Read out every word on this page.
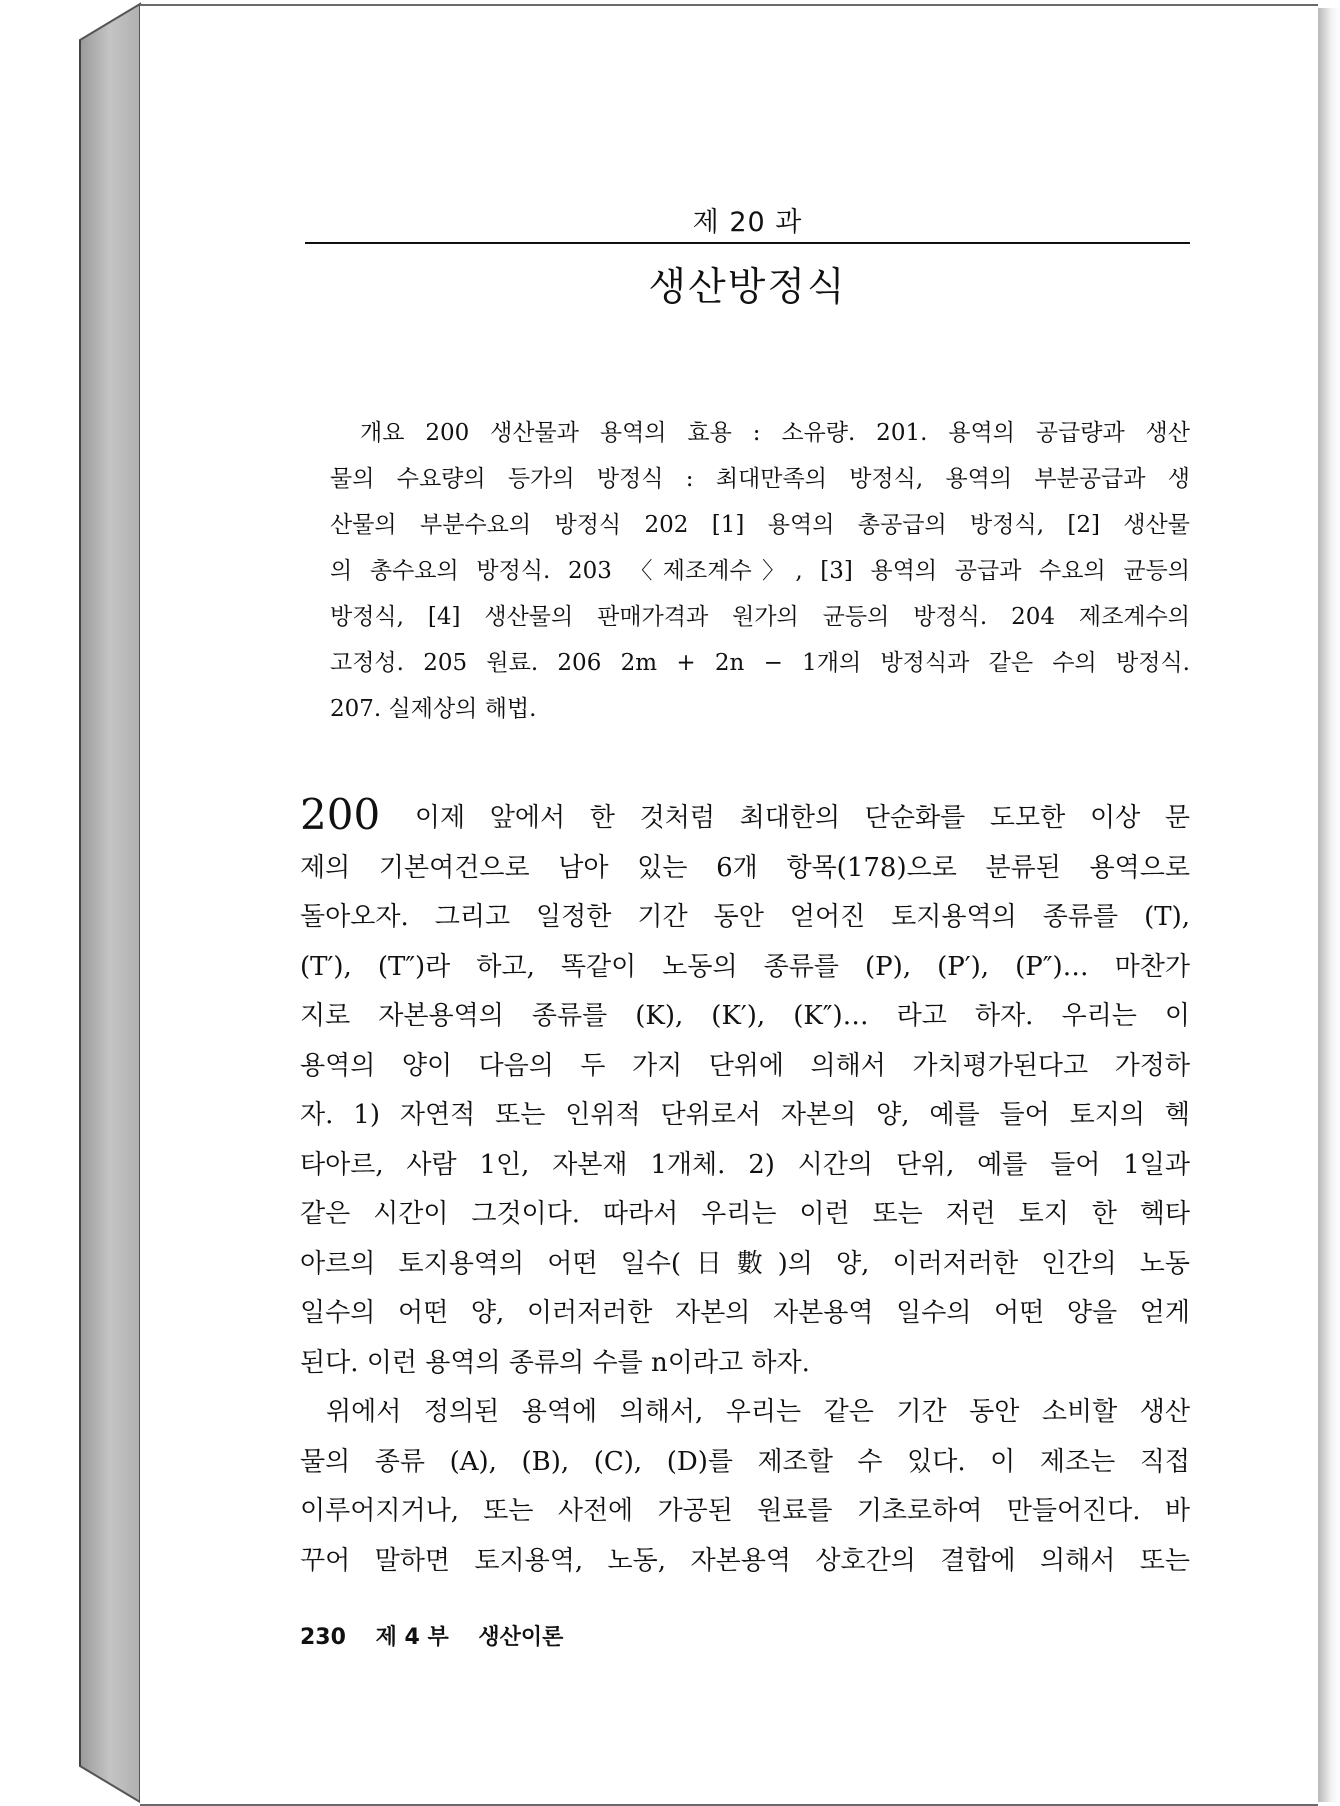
제 20 과
생산방정식
개요 200 생산물과 용역의 효용 : 소유량. 201. 용역의 공급량과 생산
물의 수요량의 등가의 방정식 : 최대만족의 방정식, 용역의 부분공급과 생
산물의 부분수요의 방정식 202 [1] 용역의 총공급의 방정식, [2] 생산물
의 총수요의 방정식. 203 〈제조계수〉, [3] 용역의 공급과 수요의 균등의
방정식, [4] 생산물의 판매가격과 원가의 균등의 방정식. 204 제조계수의
고정성. 205 원료. 206 2m + 2n − 1개의 방정식과 같은 수의 방정식.
207. 실제상의 해법.
200 이제 앞에서 한 것처럼 최대한의 단순화를 도모한 이상 문
제의 기본여건으로 남아 있는 6개 항목(178)으로 분류된 용역으로
돌아오자. 그리고 일정한 기간 동안 얻어진 토지용역의 종류를 (T),
(T′), (T″)라 하고, 똑같이 노동의 종류를 (P), (P′), (P″)… 마찬가
지로 자본용역의 종류를 (K), (K′), (K″)… 라고 하자. 우리는 이
용역의 양이 다음의 두 가지 단위에 의해서 가치평가된다고 가정하
자. 1) 자연적 또는 인위적 단위로서 자본의 양, 예를 들어 토지의 헥
타아르, 사람 1인, 자본재 1개체. 2) 시간의 단위, 예를 들어 1일과
같은 시간이 그것이다. 따라서 우리는 이런 또는 저런 토지 한 헥타
아르의 토지용역의 어떤 일수(日數)의 양, 이러저러한 인간의 노동
일수의 어떤 양, 이러저러한 자본의 자본용역 일수의 어떤 양을 얻게
된다. 이런 용역의 종류의 수를 n이라고 하자.
위에서 정의된 용역에 의해서, 우리는 같은 기간 동안 소비할 생산
물의 종류 (A), (B), (C), (D)를 제조할 수 있다. 이 제조는 직접
이루어지거나, 또는 사전에 가공된 원료를 기초로하여 만들어진다. 바
꾸어 말하면 토지용역, 노동, 자본용역 상호간의 결합에 의해서 또는
230 제 4 부 생산이론
